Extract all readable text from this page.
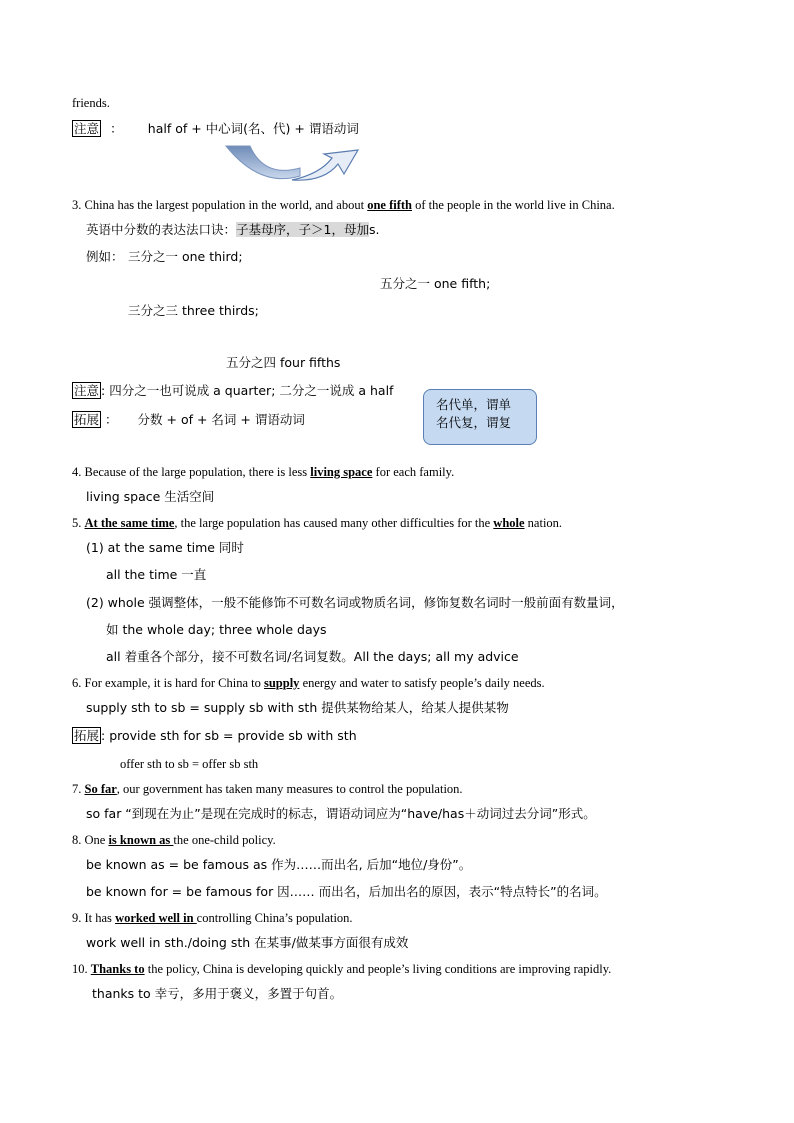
friends.
注意 ： half of + 中心词(名、代) + 谓语动词
3. China has the largest population in the world, and about one fifth of the people in the world live in China.
英语中分数的表达法口诀：子基母序，子＞1，母加s.
例如： 三分之一 one third;
五分之一 one fifth;
三分之三 three thirds;
五分之四 four fifths
注意 : 四分之一也可说成 a quarter; 二分之一说成 a half
拓展 ： 分数 + of + 名词 + 谓语动词
名代单，谓单
名代复，谓复
4. Because of the large population, there is less living space for each family.
living space 生活空间
5. At the same time, the large population has caused many other difficulties for the whole nation.
(1) at the same time 同时
all the time 一直
(2) whole 强调整体，一般不能修饰不可数名词或物质名词，修饰复数名词时一般前面有数量词，
如 the whole day; three whole days
all 着重各个部分，接不可数名词/名词复数。All the days; all my advice
6. For example, it is hard for China to supply energy and water to satisfy people’s daily needs.
supply sth to sb = supply sb with sth 提供某物给某人，给某人提供某物
拓展 : provide sth for sb = provide sb with sth
offer sth to sb = offer sb sth
7. So far, our government has taken many measures to control the population.
so far “到现在为止”是现在完成时的标志，谓语动词应为“have/has＋动词过去分词”形式。
8. One is known as the one-child policy.
be known as = be famous as 作为……而出名, 后加“地位/身份”。
be known for = be famous for 因…… 而出名，后加出名的原因，表示“特点特长”的名词。
9. It has worked well in controlling China’s population.
work well in sth./doing sth 在某事/做某事方面很有成效
10. Thanks to the policy, China is developing quickly and people’s living conditions are improving rapidly.
thanks to 幸亏，多用于褒义，多置于句首。
